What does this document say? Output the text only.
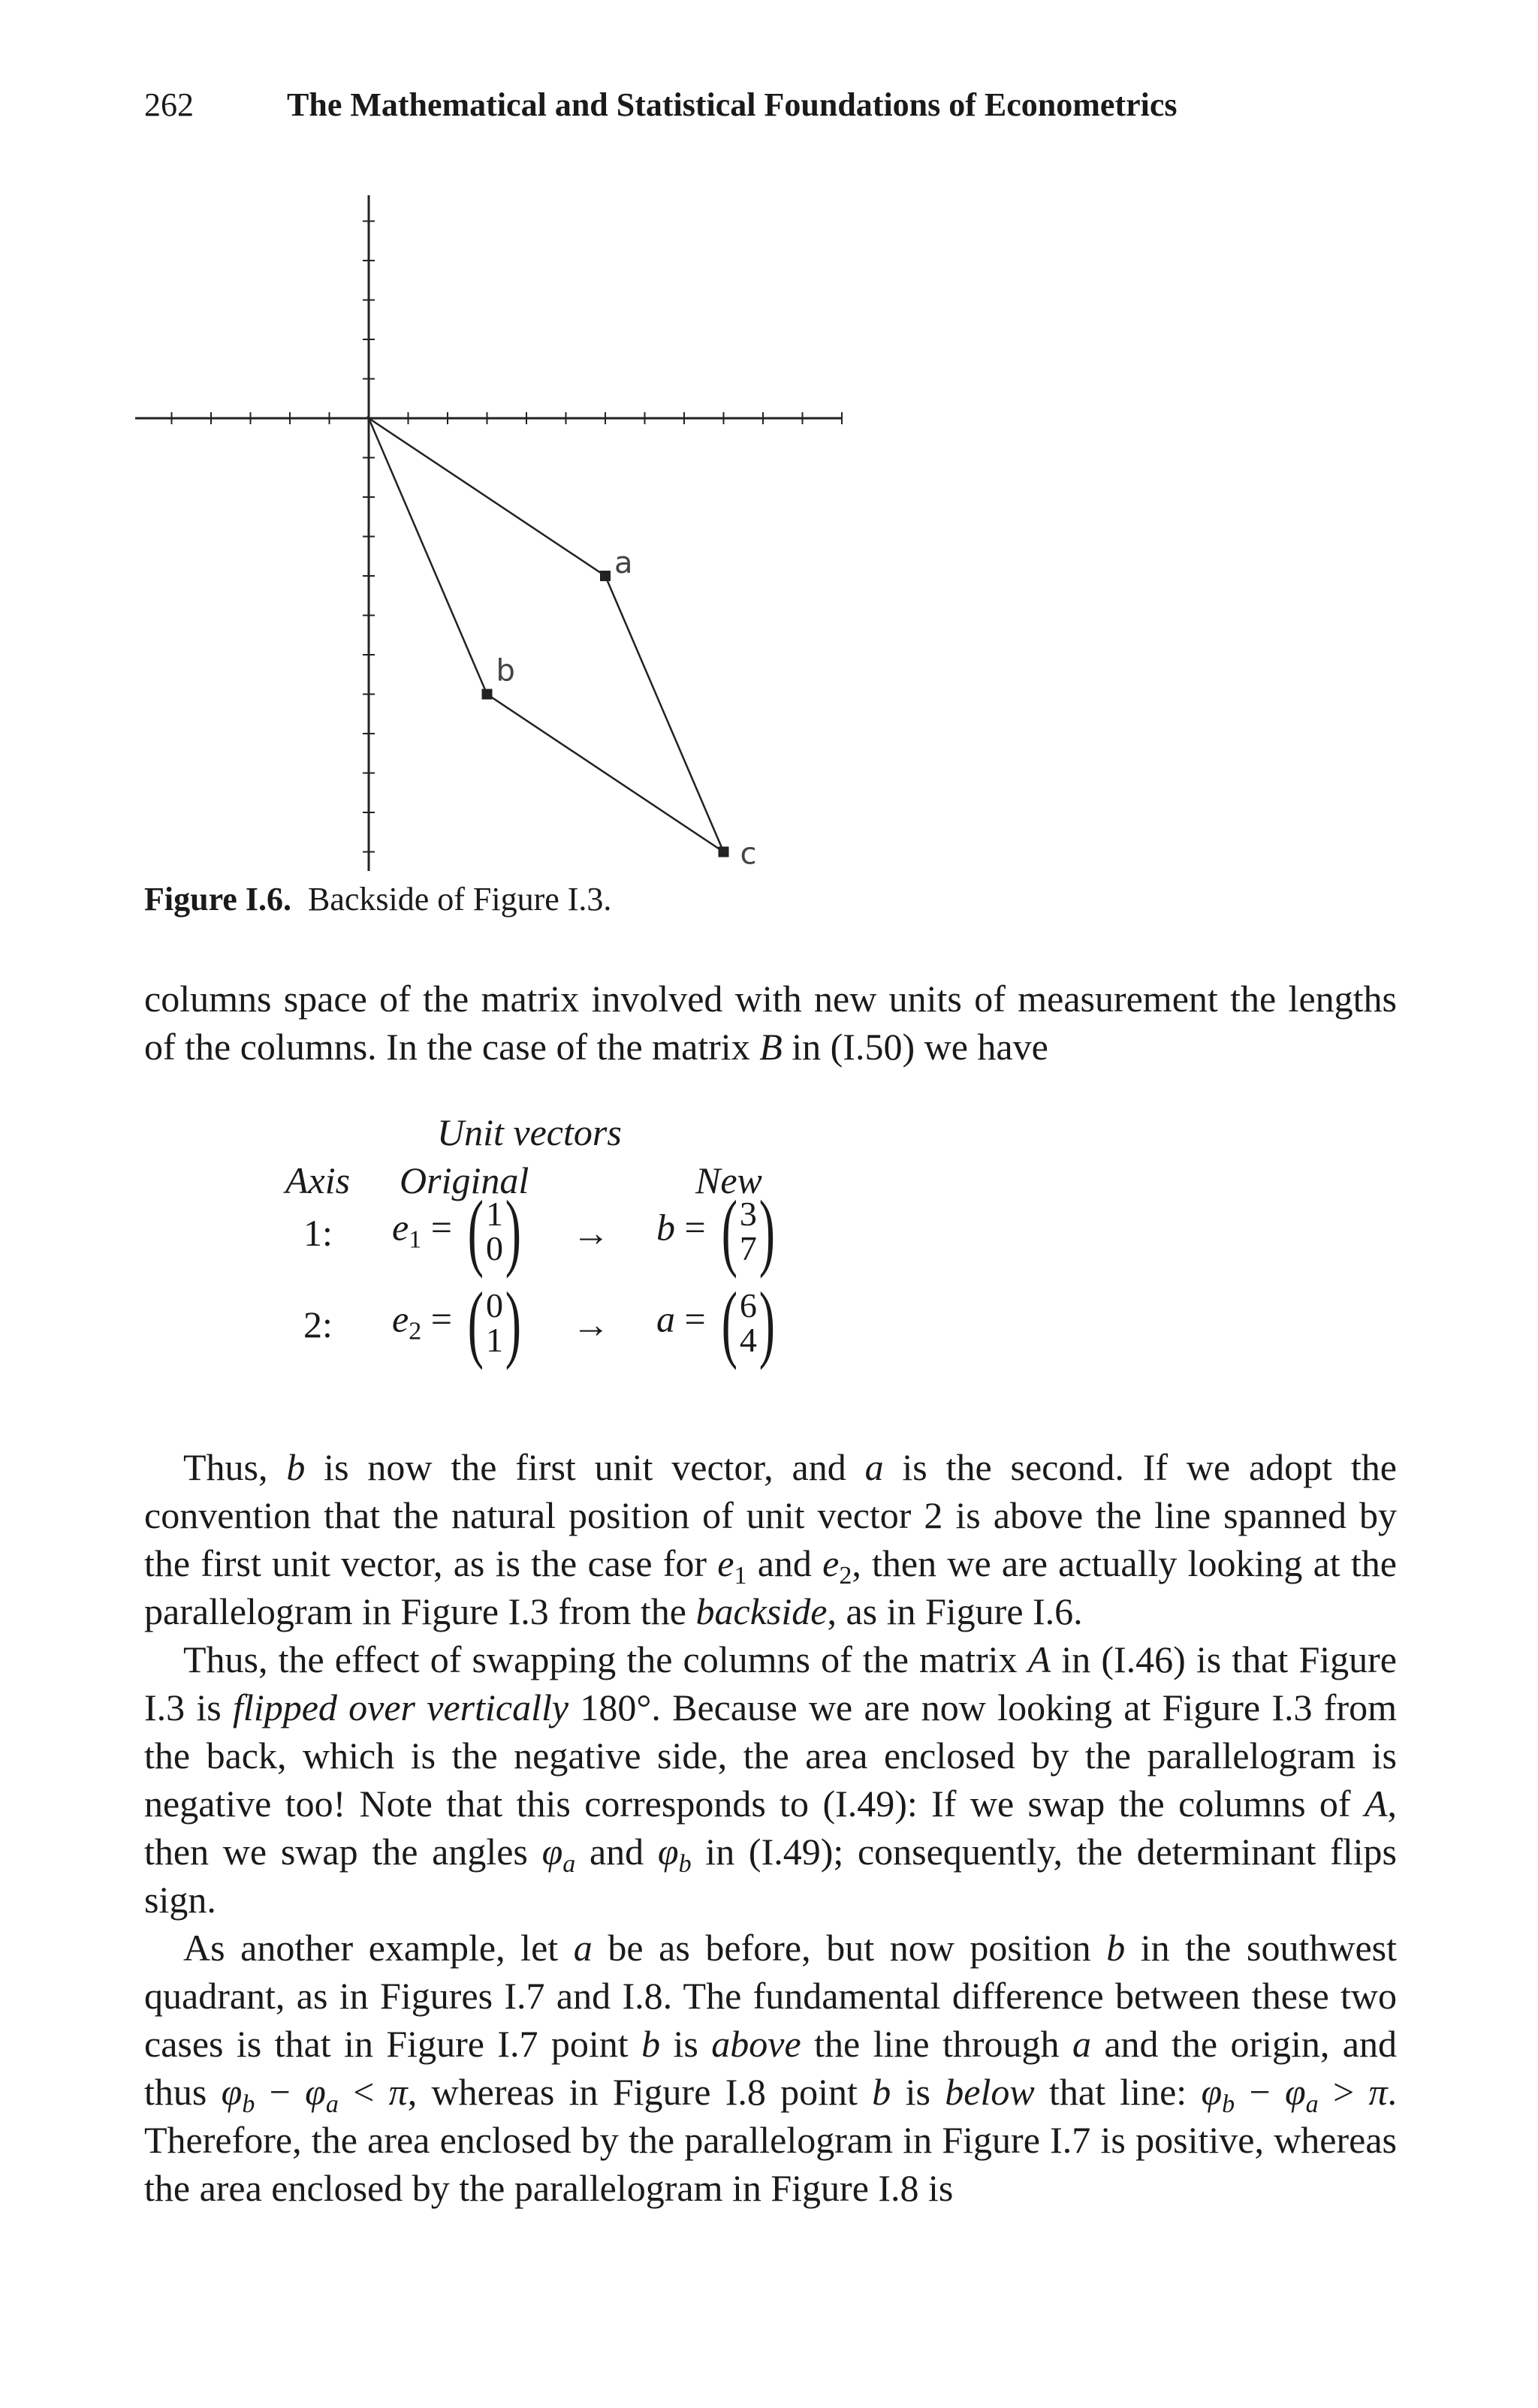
262	The Mathematical and Statistical Foundations of Econometrics
a
b
c
Figure I.6. Backside of Figure I.3.

columns space of the matrix involved with new units of measurement the lengths

of the columns. In the case of the matrix B in (I.50) we have

Unit vectors
Axis Original	New
1: $e_1$ = ( 1
0 ) → b = ( 3
7 )
2: $e_2$ = ( 0
1 ) → a = ( 6
4 )

Thus, b is now the first unit vector, and a is the second. If we adopt the convention that the natural position of unit vector 2 is above the line spanned by the first unit vector, as is the case for $e_1$ and $e_2$, then we are actually looking at the parallelogram in Figure I.3 from the backside, as in Figure I.6.

Thus, the effect of swapping the columns of the matrix A in (I.46) is that Figure I.3 is flipped over vertically 180°. Because we are now looking at Figure I.3 from the back, which is the negative side, the area enclosed by the parallelogram is negative too! Note that this corresponds to (I.49): If we swap the columns of A, then we swap the angles $\varphi_a$ and $\varphi_b$ in (I.49); consequently, the determinant flips sign.

As another example, let a be as before, but now position b in the southwest quadrant, as in Figures I.7 and I.8. The fundamental difference between these two cases is that in Figure I.7 point b is above the line through a and the origin, and thus $\varphi_b - \varphi_a < \pi$, whereas in Figure I.8 point b is below that line: $\varphi_b - \varphi_a > \pi$. Therefore, the area enclosed by the parallelogram in Figure I.7 is positive, whereas the area enclosed by the parallelogram in Figure I.8 is
